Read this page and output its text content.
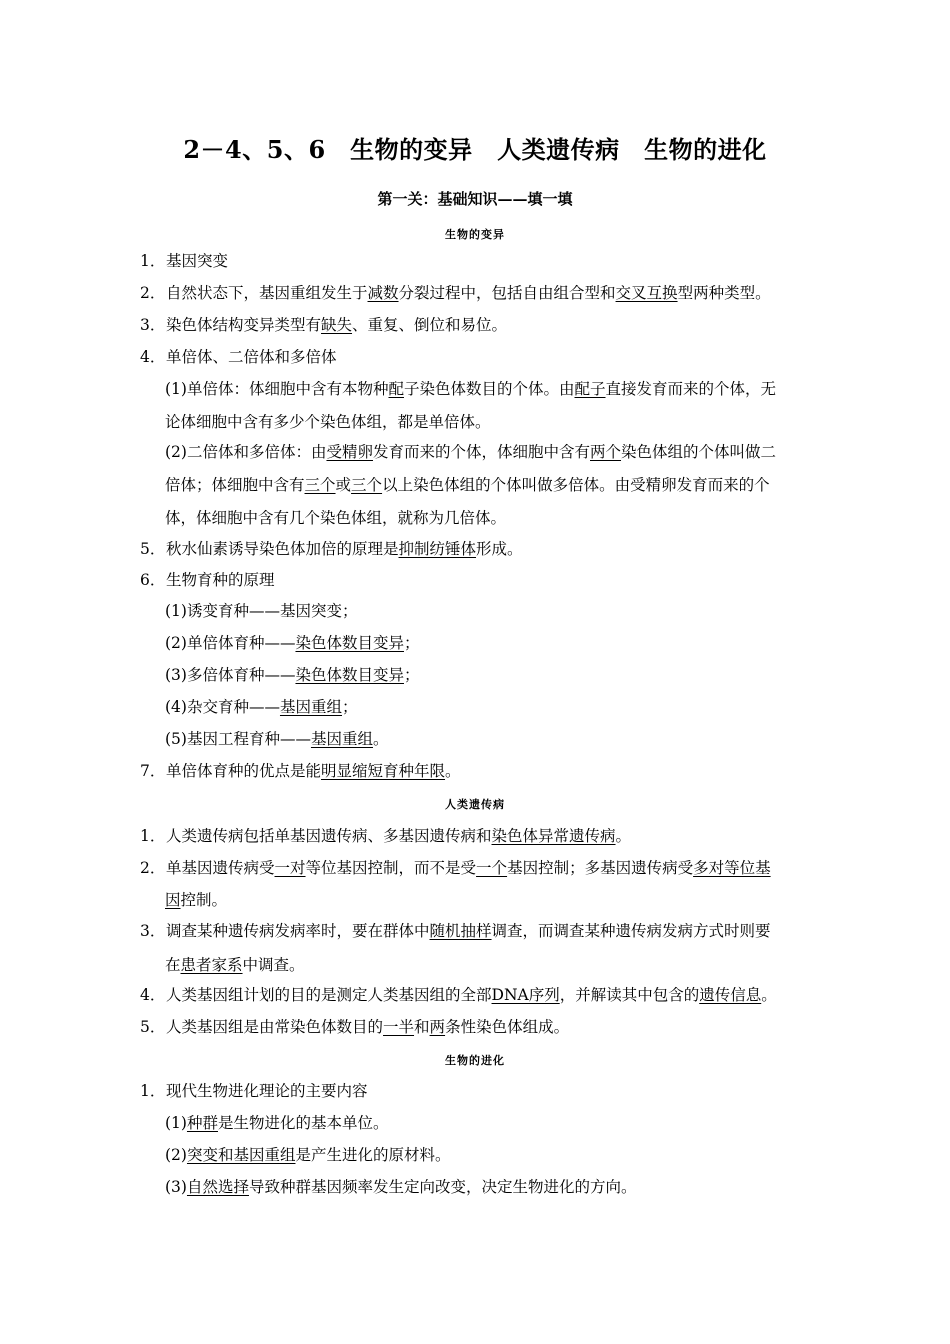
2－4、5、6　生物的变异　人类遗传病　生物的进化
第一关：基础知识——填一填
生物的变异
人类遗传病
生物的进化
1．基因突变
2．自然状态下，基因重组发生于减数分裂过程中，包括自由组合型和交叉互换型两种类型。
3．染色体结构变异类型有缺失、重复、倒位和易位。
4．单倍体、二倍体和多倍体
(1)单倍体：体细胞中含有本物种配子染色体数目的个体。由配子直接发育而来的个体，无
论体细胞中含有多少个染色体组，都是单倍体。
(2)二倍体和多倍体：由受精卵发育而来的个体，体细胞中含有两个染色体组的个体叫做二
倍体；体细胞中含有三个或三个以上染色体组的个体叫做多倍体。由受精卵发育而来的个
体，体细胞中含有几个染色体组，就称为几倍体。
5．秋水仙素诱导染色体加倍的原理是抑制纺锤体形成。
6．生物育种的原理
(1)诱变育种——基因突变；
(2)单倍体育种——染色体数目变异；
(3)多倍体育种——染色体数目变异；
(4)杂交育种——基因重组；
(5)基因工程育种——基因重组。
7．单倍体育种的优点是能明显缩短育种年限。
1．人类遗传病包括单基因遗传病、多基因遗传病和染色体异常遗传病。
2．单基因遗传病受一对等位基因控制，而不是受一个基因控制；多基因遗传病受多对等位基
因控制。
3．调查某种遗传病发病率时，要在群体中随机抽样调查，而调查某种遗传病发病方式时则要
在患者家系中调查。
4．人类基因组计划的目的是测定人类基因组的全部DNA序列，并解读其中包含的遗传信息。
5．人类基因组是由常染色体数目的一半和两条性染色体组成。
1．现代生物进化理论的主要内容
(1)种群是生物进化的基本单位。
(2)突变和基因重组是产生进化的原材料。
(3)自然选择导致种群基因频率发生定向改变，决定生物进化的方向。
